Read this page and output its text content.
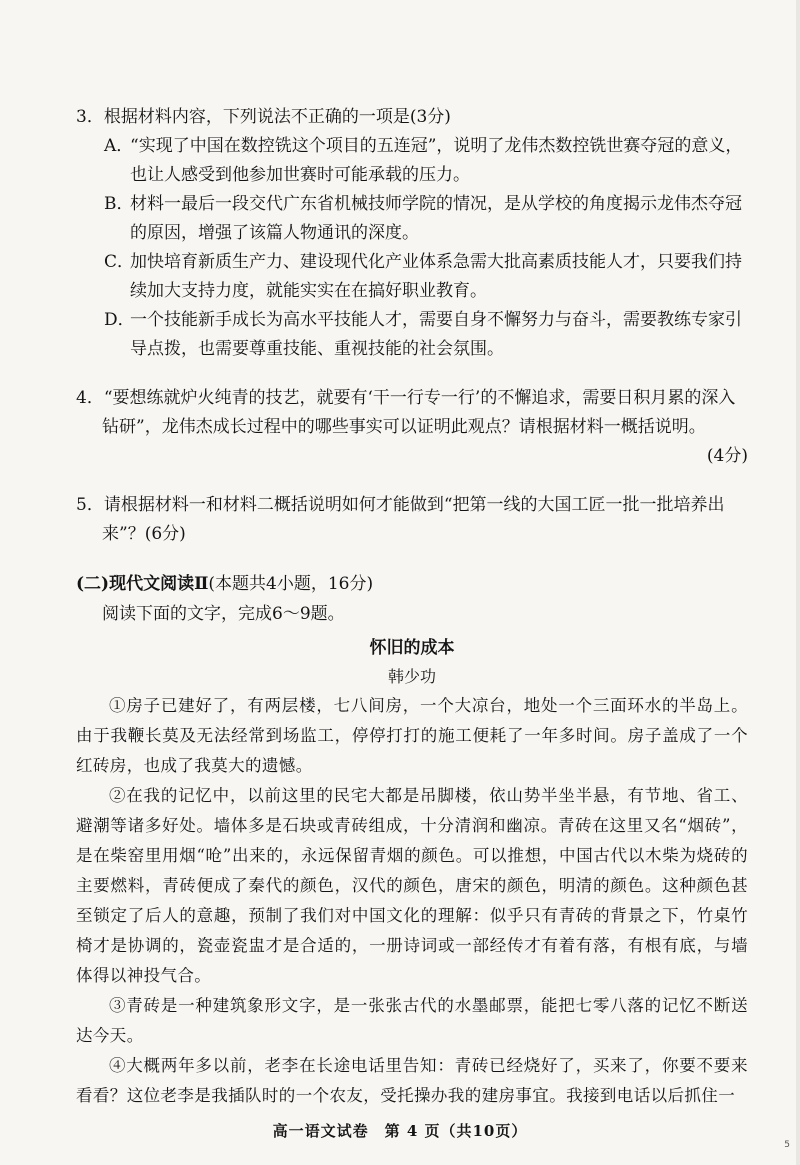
3．根据材料内容，下列说法不正确的一项是(3分)
A．“实现了中国在数控铣这个项目的五连冠”，说明了龙伟杰数控铣世赛夺冠的意义，也让人感受到他参加世赛时可能承载的压力。
B．材料一最后一段交代广东省机械技师学院的情况，是从学校的角度揭示龙伟杰夺冠的原因，增强了该篇人物通讯的深度。
C．加快培育新质生产力、建设现代化产业体系急需大批高素质技能人才，只要我们持续加大支持力度，就能实实在在搞好职业教育。
D．一个技能新手成长为高水平技能人才，需要自身不懈努力与奋斗，需要教练专家引导点拨，也需要尊重技能、重视技能的社会氛围。
4．“要想练就炉火纯青的技艺，就要有‘干一行专一行’的不懈追求，需要日积月累的深入钻研”，龙伟杰成长过程中的哪些事实可以证明此观点？请根据材料一概括说明。
(4分)
5．请根据材料一和材料二概括说明如何才能做到“把第一线的大国工匠一批一批培养出来”？(6分)
(二)现代文阅读Ⅱ(本题共4小题，16分)
阅读下面的文字，完成6～9题。
怀旧的成本
韩少功
①房子已建好了，有两层楼，七八间房，一个大凉台，地处一个三面环水的半岛上。由于我鞭长莫及无法经常到场监工，停停打打的施工便耗了一年多时间。房子盖成了一个红砖房，也成了我莫大的遗憾。
②在我的记忆中，以前这里的民宅大都是吊脚楼，依山势半坐半悬，有节地、省工、避潮等诸多好处。墙体多是石块或青砖组成，十分清润和幽凉。青砖在这里又名“烟砖”，是在柴窑里用烟“呛”出来的，永远保留青烟的颜色。可以推想，中国古代以木柴为烧砖的主要燃料，青砖便成了秦代的颜色，汉代的颜色，唐宋的颜色，明清的颜色。这种颜色甚至锁定了后人的意趣，预制了我们对中国文化的理解：似乎只有青砖的背景之下，竹桌竹椅才是协调的，瓷壶瓷盅才是合适的，一册诗词或一部经传才有着有落，有根有底，与墙体得以神投气合。
③青砖是一种建筑象形文字，是一张张古代的水墨邮票，能把七零八落的记忆不断送达今天。
④大概两年多以前，老李在长途电话里告知：青砖已经烧好了，买来了，你要不要来看看？这位老李是我插队时的一个农友，受托操办我的建房事宜。我接到电话以后抓住一
高一语文试卷　第 4 页（共10页）
5
